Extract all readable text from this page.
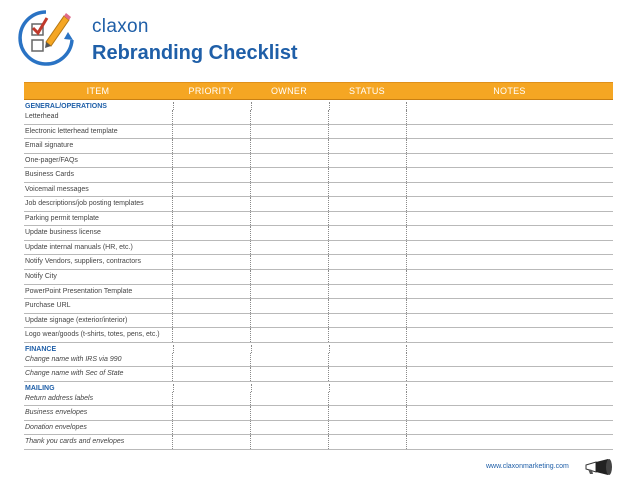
claxon
Rebranding Checklist
ITEM	PRIORITY	OWNER	STATUS	NOTES
GENERAL/OPERATIONS
Letterhead
Electronic letterhead template
Email signature
One-pager/FAQs
Business Cards
Voicemail messages
Job descriptions/job posting templates
Parking permit template
Update business license
Update internal manuals (HR, etc.)
Notify Vendors, suppliers, contractors
Notify City
PowerPoint Presentation Template
Purchase URL
Update signage (exterior/interior)
Logo wear/goods (t-shirts, totes, pens, etc.)
FINANCE
Change name with IRS via 990
Change name with Sec of State
MAILING
Return address labels
Business envelopes
Donation envelopes
Thank you cards and envelopes
www.claxonmarketing.com
